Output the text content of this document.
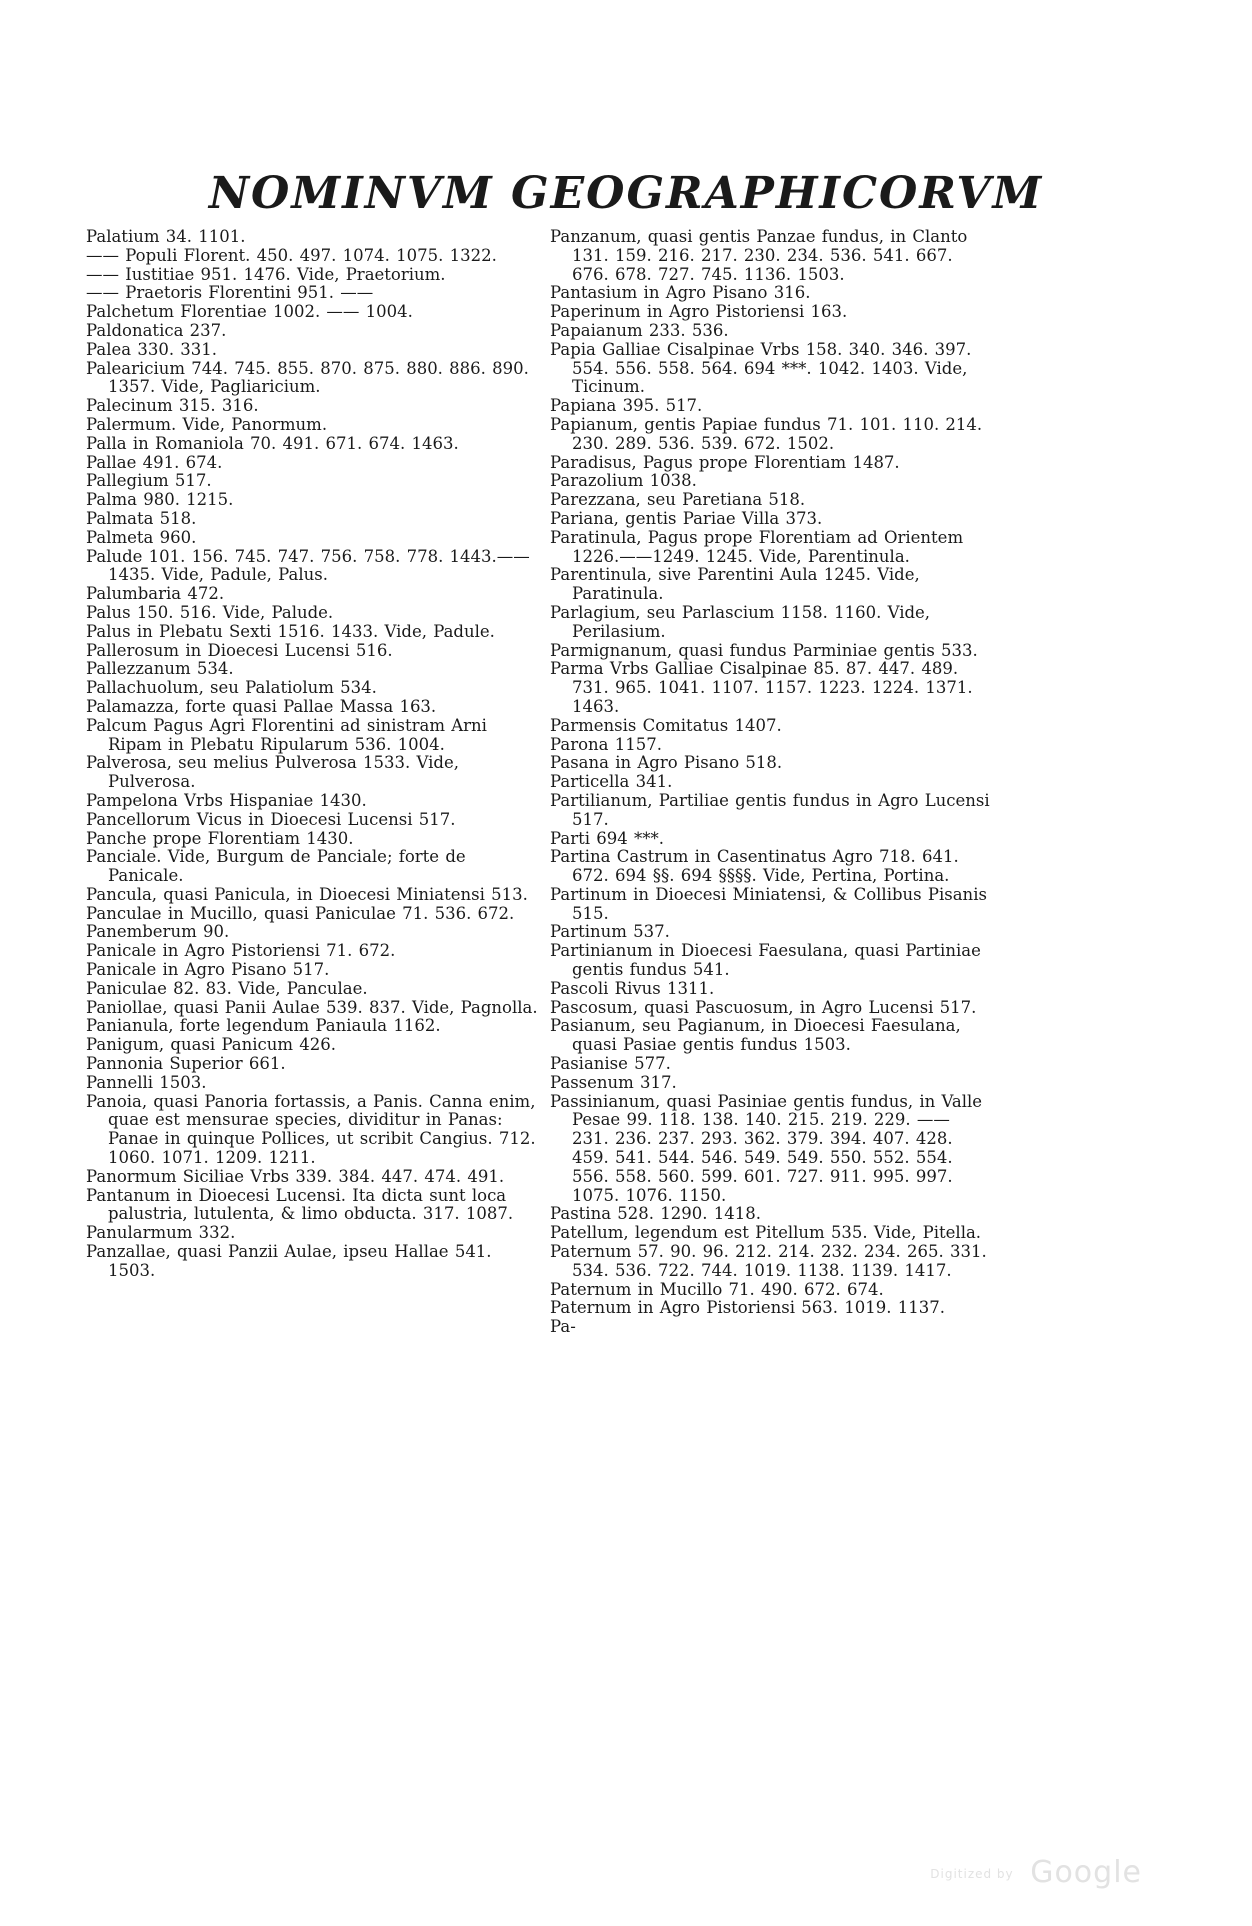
NOMINVM GEOGRAPHICORVM
Palatium 34. 1101.
—— Populi Florent. 450. 497. 1074. 1075. 1322.
—— Iustitiae 951. 1476. Vide, Praetorium.
—— Praetoris Florentini 951. ——
Palchetum Florentiae 1002. —— 1004.
Paldonatica 237.
Palea 330. 331.
Palearicium 744. 745. 855. 870. 875. 880. 886. 890. 1357. Vide, Pagliaricium.
Palecinum 315. 316.
Palermum. Vide, Panormum.
Palla in Romaniola 70. 491. 671. 674. 1463.
Pallae 491. 674.
Pallegium 517.
Palma 980. 1215.
Palmata 518.
Palmeta 960.
Palude 101. 156. 745. 747. 756. 758. 778. 1443.——1435. Vide, Padule, Palus.
Palumbaria 472.
Palus 150. 516. Vide, Palude.
Palus in Plebatu Sexti 1516. 1433. Vide, Padule.
Pallerosum in Dioecesi Lucensi 516.
Pallezzanum 534.
Pallachuolum, seu Palatiolum 534.
Palamazza, forte quasi Pallae Massa 163.
Palcum Pagus Agri Florentini ad sinistram Arni Ripam in Plebatu Ripularum 536. 1004.
Palverosa, seu melius Pulverosa 1533. Vide, Pulverosa.
Pampelona Vrbs Hispaniae 1430.
Pancellorum Vicus in Dioecesi Lucensi 517.
Panche prope Florentiam 1430.
Panciale. Vide, Burgum de Panciale; forte de Panicale.
Pancula, quasi Panicula, in Dioecesi Miniatensi 513.
Panculae in Mucillo, quasi Paniculae 71. 536. 672.
Panemberum 90.
Panicale in Agro Pistoriensi 71. 672.
Panicale in Agro Pisano 517.
Paniculae 82. 83. Vide, Panculae.
Paniollae, quasi Panii Aulae 539. 837. Vide, Pagnolla.
Panianula, forte legendum Paniaula 1162.
Panigum, quasi Panicum 426.
Pannonia Superior 661.
Pannelli 1503.
Panoia, quasi Panoria fortassis, a Panis. Canna enim, quae est mensurae species, dividitur in Panas: Panae in quinque Pollices, ut scribit Cangius. 712. 1060. 1071. 1209. 1211.
Panormum Siciliae Vrbs 339. 384. 447. 474. 491.
Pantanum in Dioecesi Lucensi. Ita dicta sunt loca palustria, lutulenta, & limo obducta. 317. 1087.
Panularmum 332.
Panzallae, quasi Panzii Aulae, ipseu Hallae 541. 1503.
Panzanum, quasi gentis Panzae fundus, in Clanto 131. 159. 216. 217. 230. 234. 536. 541. 667. 676. 678. 727. 745. 1136. 1503.
Pantasium in Agro Pisano 316.
Paperinum in Agro Pistoriensi 163.
Papaianum 233. 536.
Papia Galliae Cisalpinae Vrbs 158. 340. 346. 397. 554. 556. 558. 564. 694 ***. 1042. 1403. Vide, Ticinum.
Papiana 395. 517.
Papianum, gentis Papiae fundus 71. 101. 110. 214. 230. 289. 536. 539. 672. 1502.
Paradisus, Pagus prope Florentiam 1487.
Parazolium 1038.
Parezzana, seu Paretiana 518.
Pariana, gentis Pariae Villa 373.
Paratinula, Pagus prope Florentiam ad Orientem 1226.——1249. 1245. Vide, Parentinula.
Parentinula, sive Parentini Aula 1245. Vide, Paratinula.
Parlagium, seu Parlascium 1158. 1160. Vide, Perilasium.
Parmignanum, quasi fundus Parminiae gentis 533.
Parma Vrbs Galliae Cisalpinae 85. 87. 447. 489. 731. 965. 1041. 1107. 1157. 1223. 1224. 1371. 1463.
Parmensis Comitatus 1407.
Parona 1157.
Pasana in Agro Pisano 518.
Particella 341.
Partilianum, Partiliae gentis fundus in Agro Lucensi 517.
Parti 694 ***.
Partina Castrum in Casentinatus Agro 718. 641. 672. 694 §§. 694 §§§§. Vide, Pertina, Portina.
Partinum in Dioecesi Miniatensi, & Collibus Pisanis 515.
Partinum 537.
Partinianum in Dioecesi Faesulana, quasi Partiniae gentis fundus 541.
Pascoli Rivus 1311.
Pascosum, quasi Pascuosum, in Agro Lucensi 517.
Pasianum, seu Pagianum, in Dioecesi Faesulana, quasi Pasiae gentis fundus 1503.
Pasianise 577.
Passenum 317.
Passinianum, quasi Pasiniae gentis fundus, in Valle Pesae 99. 118. 138. 140. 215. 219. 229. —— 231. 236. 237. 293. 362. 379. 394. 407. 428. 459. 541. 544. 546. 549. 549. 550. 552. 554. 556. 558. 560. 599. 601. 727. 911. 995. 997. 1075. 1076. 1150.
Pastina 528. 1290. 1418.
Patellum, legendum est Pitellum 535. Vide, Pitella.
Paternum 57. 90. 96. 212. 214. 232. 234. 265. 331. 534. 536. 722. 744. 1019. 1138. 1139. 1417.
Paternum in Mucillo 71. 490. 672. 674.
Paternum in Agro Pistoriensi 563. 1019. 1137.
Pa-
Digitized by Google
